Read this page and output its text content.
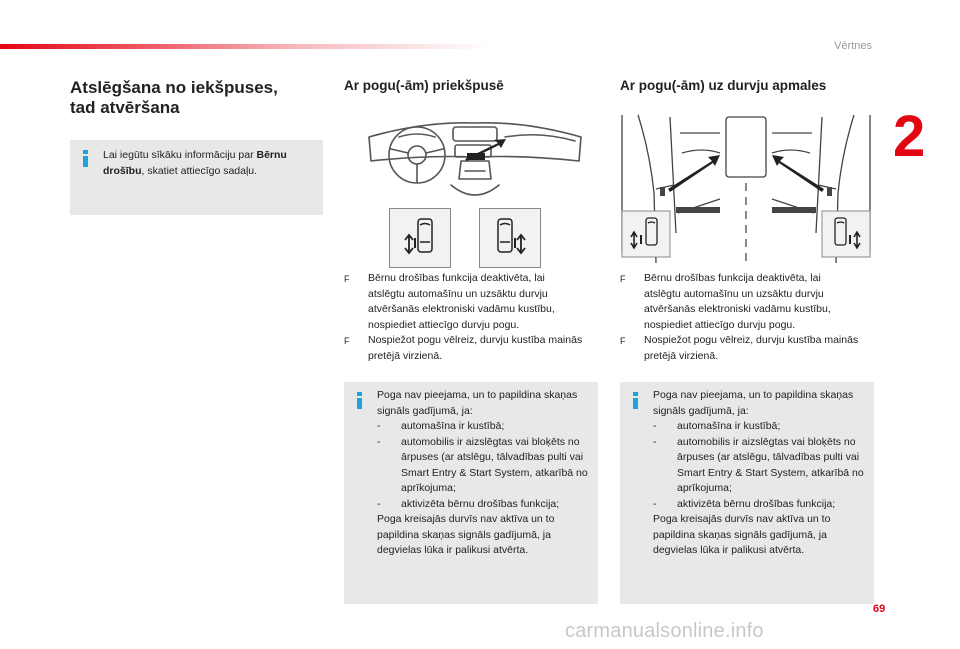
Vērtnes
2
Atslēgšana no iekšpuses,
tad atvēršana
Lai iegūtu sīkāku informāciju par Bērnu drošību, skatiet attiecīgo sadaļu.
Ar pogu(-ām) priekšpusē
F	Bērnu drošības funkcija deaktivēta, lai atslēgtu automašīnu un uzsāktu durvju atvēršanās elektroniski vadāmu kustību, nospiediet attiecīgo durvju pogu.
F	Nospiežot pogu vēlreiz, durvju kustība mainās pretējā virzienā.
Poga nav pieejama, un to papildina skaņas signāls gadījumā, ja:
-	automašīna ir kustībā;
-	automobilis ir aizslēgtas vai bloķēts no ārpuses (ar atslēgu, tālvadības pulti vai Smart Entry & Start System, atkarībā no aprīkojuma;
-	aktivizēta bērnu drošības funkcija;
Poga kreisajās durvīs nav aktīva un to papildina skaņas signāls gadījumā, ja degvielas lūka ir palikusi atvērta.
Ar pogu(-ām) uz durvju apmales
F	Bērnu drošības funkcija deaktivēta, lai atslēgtu automašīnu un uzsāktu durvju atvēršanās elektroniski vadāmu kustību, nospiediet attiecīgo durvju pogu.
F	Nospiežot pogu vēlreiz, durvju kustība mainās pretējā virzienā.
Poga nav pieejama, un to papildina skaņas signāls gadījumā, ja:
-	automašīna ir kustībā;
-	automobilis ir aizslēgtas vai bloķēts no ārpuses (ar atslēgu, tālvadības pulti vai Smart Entry & Start System, atkarībā no aprīkojuma;
-	aktivizēta bērnu drošības funkcija;
Poga kreisajās durvīs nav aktīva un to papildina skaņas signāls gadījumā, ja degvielas lūka ir palikusi atvērta.
69
carmanualsonline.info
